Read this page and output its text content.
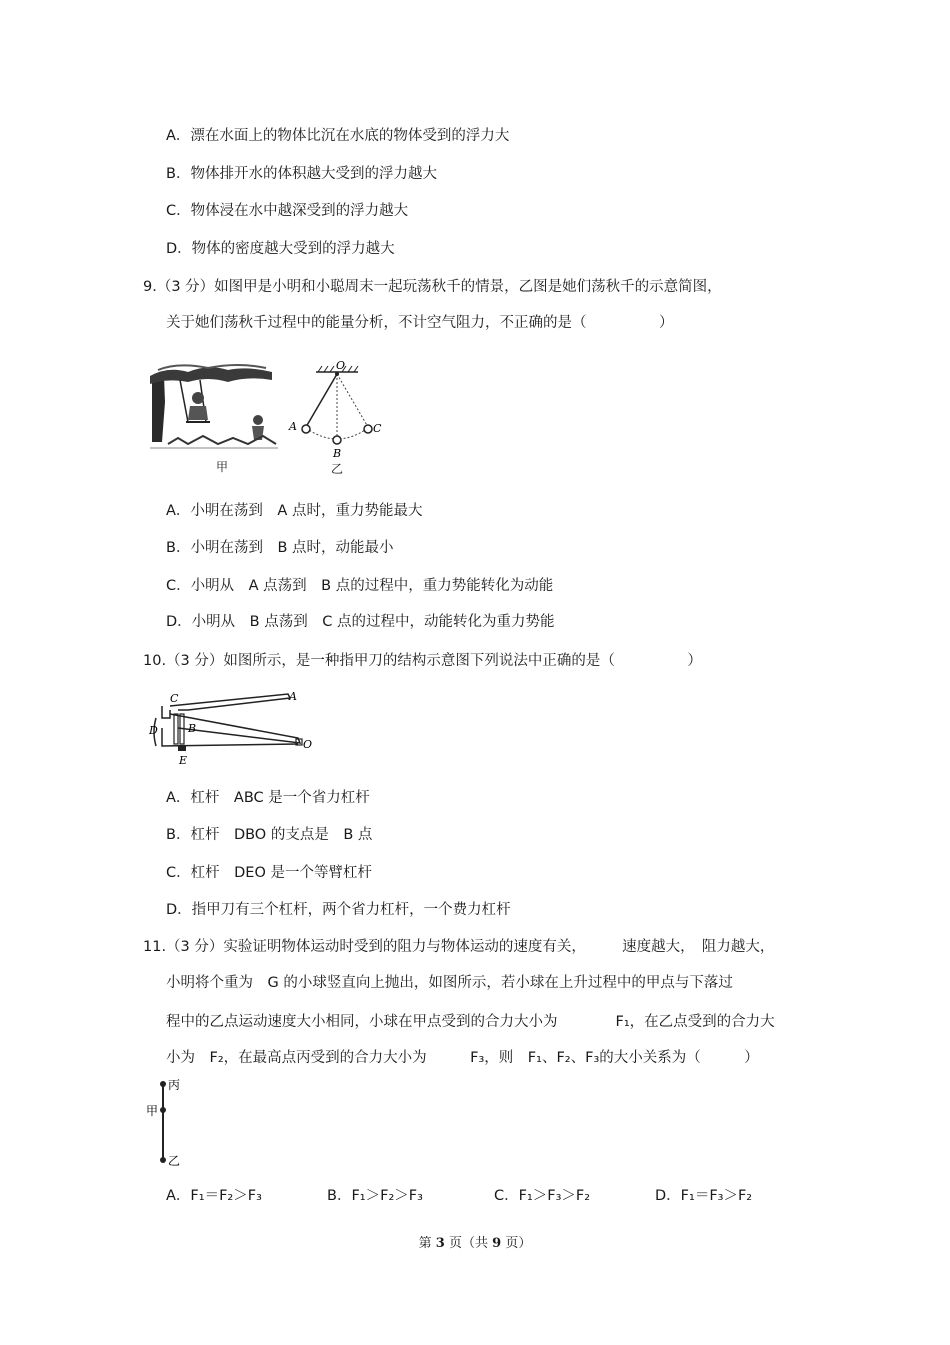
A．漂在水面上的物体比沉在水底的物体受到的浮力大
B．物体排开水的体积越大受到的浮力越大
C．物体浸在水中越深受到的浮力越大
D．物体的密度越大受到的浮力越大
9.（3 分）如图甲是小明和小聪周末一起玩荡秋千的情景，乙图是她们荡秋千的示意简图，
关于她们荡秋千过程中的能量分析，不计空气阻力，不正确的是（　　　　　）
甲
O
A
B
C
乙
A．小明在荡到　A 点时，重力势能最大
B．小明在荡到　B 点时，动能最小
C．小明从　A 点荡到　B 点的过程中，重力势能转化为动能
D．小明从　B 点荡到　C 点的过程中，动能转化为重力势能
10.（3 分）如图所示，是一种指甲刀的结构示意图下列说法中正确的是（　　　　　）
C	A
D	B
O
E
A．杠杆　ABC 是一个省力杠杆
B．杠杆　DBO 的支点是　B 点
C．杠杆　DEO 是一个等臂杠杆
D．指甲刀有三个杠杆，两个省力杠杆，一个费力杠杆
11.（3 分）实验证明物体运动时受到的阻力与物体运动的速度有关，　　　速度越大，　阻力越大，
小明将个重为　G 的小球竖直向上抛出，如图所示，若小球在上升过程中的甲点与下落过
程中的乙点运动速度大小相同，小球在甲点受到的合力大小为　　　　F₁，在乙点受到的合力大
小为　F₂，在最高点丙受到的合力大小为　　　F₃，则　F₁、F₂、F₃的大小关系为（　　　）
丙
甲
乙
A．F₁＝F₂＞F₃	B．F₁＞F₂＞F₃	C．F₁＞F₃＞F₂	D．F₁＝F₃＞F₂
第 3 页（共 9 页）
